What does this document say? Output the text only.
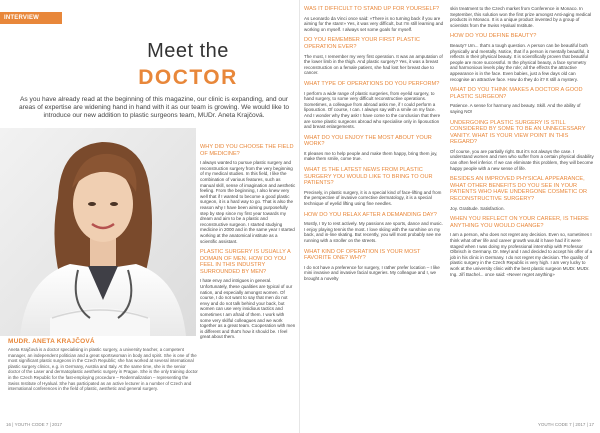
INTERVIEW
Meet the
DOCTOR
As you have already read at the beginning of this magazine, our clinic is expanding, and our areas of expertise are widening hand in hand with it as our team is growing. We would like to introduce our new addition to plastic surgeons team, MUDr. Aneta Krajčová.
MUDR. ANETA KRAJČOVÁ
Aneta Krajčová is a doctor specialising in plastic surgery, a university teacher, a competent manager, an independent politician and a great sportswoman in body and spirit. She is one of the most significant plastic surgeons in the Czech Republic; she has worked at several international plastic surgery clinics, e.g. in Germany, Austria and Italy. At the same time, she is the senior doctor of the Laser and dermatoplastic aesthetic surgery in Prague. She is the only training doctor in the Czech Republic for the fast-employing procedure – Redermalization – representing the Swiss Institute of Hyalual. She has participated as an active lecturer in a number of Czech and international conferences in the field of plastic, aesthetic and general surgery.
WHY DID YOU CHOOSE THE FIELD OF MEDICINE?
I always wanted to pursue plastic surgery and reconstruction surgery from the very beginning of my medical studies. In this field, I like the combination of various features, such as manual skill, sense of imagination and aesthetic feeling. From the beginning, I also knew very well that if I wanted to become a good plastic surgeon, it is a hard way to go. That is also the reason why I have been aiming purposefully step by step since my first year towards my dream and aim to be a plastic and reconstructive surgeon. I started studying medicine in 2000 and in the same year I started working at the anatomical institute as a scientific assistant.
PLASTIC SURGERY IS USUALLY A DOMAIN OF MEN. HOW DO YOU FEEL IN THIS INDUSTRY SURROUNDED BY MEN?
I hate envy and intrigues in general. Unfortunately, these qualities are typical of our nation, and especially amongst women. Of course, I do not want to say that men do not envy and do not talk behind your back, but women can use very insidious tactics and sometimes I am afraid of them. I work with some very skilful colleagues and we work together as a great team. Cooperation with men is different and that's how it should be. I feel great about them.
WAS IT DIFFICULT TO STAND UP FOR YOURSELF?
As Leonardo da Vinci once said: «There is no turning back if you are aiming for the stars!» Yes, it was very difficult, but I'm still learning and working on myself. I always set some goals for myself.
DO YOU REMEMBER YOUR FIRST PLASTIC OPERATION EVER?
The most, I remember my very first operation. It was an amputation of the lower limb in the thigh. And plastic surgery? Yes, it was a breast reconstruction on a female patient, she had lost her breast due to cancer.
WHAT TYPE OF OPERATIONS DO YOU PERFORM?
I perform a wide range of plastic surgeries, from eyelid surgery, to hand surgery, to some very difficult reconstructive operations. Sometimes, a colleague from abroad asks me, if I could perform a liposuction. Of course, I can. I always say with a smile on my face. And I wonder why they ask! I have come to the conclusion that there are some plastic surgeons abroad who specialise only in liposuction and breast enlargements.
WHAT DO YOU ENJOY THE MOST ABOUT YOUR WORK?
It pleases me to help people and make them happy, bring them joy, make them smile, come true.
WHAT IS THE LATEST NEWS FROM PLASTIC SURGERY YOU WOULD LIKE TO BRING TO OUR PATIENTS?
Precisely, in plastic surgery, it is a special kind of face-lifting and from the perspective of invasive corrective dermatology, it is a special technique of eyelid lifting using fine needles.
HOW DO YOU RELAX AFTER A DEMANDING DAY?
Mostly, I try to rest actively. My passions are sports, dance and music. I enjoy playing tennis the most. I love skiing with the sunshine on my back, and in-line skating. But recently, you will most probably see me running with a stroller on the streets.
WHAT KIND OF OPERATION IS YOUR MOST FAVORITE ONE? WHY?
I do not have a preference for surgery, I rather prefer location – I like mini invasive and invasive facial surgeries. My colleague and I, we brought a novelty
skin treatment to the Czech market from Conference in Monaco. In September, this solution won the first prize amongst Anti-aging medical products in Monaco. It is a unique product invented by a group of scientists from the Swiss Hyalual Institute.
HOW DO YOU DEFINE BEAUTY?
Beauty? Um... that's a tough question. A person can be beautiful both physically and mentally. Notice, that if a person is mentally beautiful, it reflects in their physical beauty. It is scientifically proven that beautiful people are more successful. In the physical beauty, a face symmetry and harmonious levels play the role; all the effects the attractive appearance is in the face. Even babies, just a few days old can recognise an attractive face. How do they do it? It still a mystery.
WHAT DO YOU THINK MAKES A DOCTOR A GOOD PLASTIC SURGEON?
Patience. A sense for harmony and beauty. Skill. And the ability of saying NO!
UNDERGOING PLASTIC SURGERY IS STILL CONSIDERED BY SOME TO BE AN UNNECESSARY VANITY. WHAT IS YOUR VIEW POINT IN THIS REGARD?
Of course, you are partially right. But it's not always the case. I understand women and men who suffer from a certain physical disability can often feel inferior. If we can eliminate this problem, they will become happy people with a new sense of life.
BESIDES AN IMPROVED PHYSICAL APPEARANCE, WHAT OTHER BENEFITS DO YOU SEE IN YOUR PATIENTS WHO HAVE UNDERGONE COSMETIC OR RECONSTRUCTIVE SURGERY?
Joy. Gratitude. Satisfaction.
WHEN YOU REFLECT ON YOUR CAREER, IS THERE ANYTHING YOU WOULD CHANGE?
I am a person, who does not regret any decision. Even so, sometimes I think what other life and career growth would it have had if it were staged when I was doing my professional internship with Professor Olbrisch in Germany. Dr. Meyl and I and decided to accept his offer of a job in his clinic in Germany. I do not regret my decision. The quality of plastic surgery in the Czech Republic is very high. I am very lucky to work at the university clinic with the best plastic surgeon MUDr. MUDr. Ing. Jiří Bachel... once said: «Never regret anything»
16 | YOUTH CODE 7 | 2017	YOUTH CODE 7 | 2017 | 17
